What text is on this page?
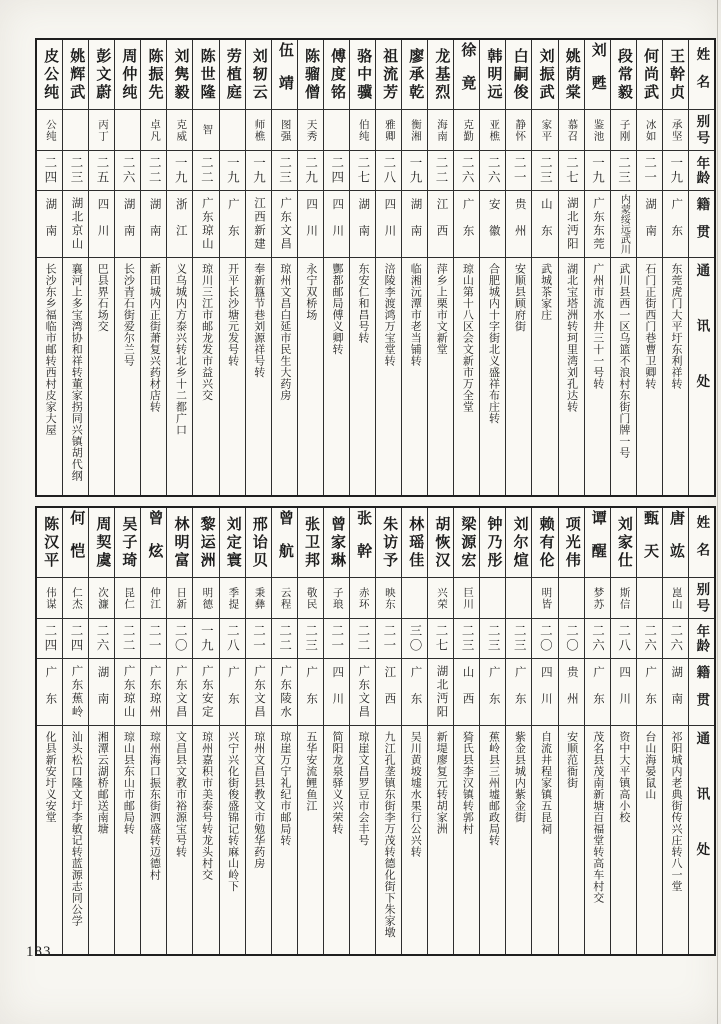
姓名
别号
年龄
籍贯
通讯处
王幹贞
承坚
一九
广东
东莞虎门大平圩东利祥转
何尚武
冰如
二一
湖南
石门正街西门巷曹卫卿转
段常毅
子刚
二三
内蒙绥远武川
武川县西一区乌篮不浪村东街门牌一号
刘甦
鉴池
一九
广东东莞
广州市流水井三十一号转
姚荫棠
慕召
二七
湖北沔阳
湖北宝塔洲转珂里湾刘孔达转
刘振武
家平
二三
山东
武城茶家庄
白嗣俊
静怀
二一
贵州
安顺县顾府街
韩明远
亚樵
二六
安徽
合肥城内十字街北义盛祥布庄转
徐竟
克勤
二六
广东
琼山第十八区会文新市万全堂
龙基烈
海南
二二
江西
萍乡上栗市文新堂
廖承乾
衡湘
一九
湖南
临湘沅潭市老当铺转
祖流芳
雅卿
二八
四川
涪陵李渡鸿万宝堂转
骆中骥
伯纯
二七
湖南
东安仁和昌号转
傅度铭
二四
四川
酆都邮局傅义卿转
陈骝僧
天秀
二九
四川
永宁双桥场
伍靖
图强
二三
广东文昌
琼州文昌白延市民生大药房
刘轫云
师樵
一九
江西新建
奉新簋节巷刘源祥号转
劳植庭
一九
广东
开平长沙塘元发号转
陈世隆
智
二二
广东琼山
琼川三江市邮龙发市益兴交
刘隽毅
克威
一九
浙江
义乌城内方泰兴转北乡十二都广口
陈振先
卓凡
二二
湖南
新田城内正街萧复兴药材店转
周仲纯
二六
湖南
长沙青石街爱尔兰号
彭文蔚
丙丁
二五
四川
巴县界石场交
姚辉武
二三
湖北京山
襄河上多宝湾协和祥转董家拐同兴镇胡代纲
皮公纯
公纯
二四
湖南
长沙东乡福临市邮转西村皮家大屋
姓名
别号
年龄
籍贯
通讯处
唐竑
崑山
二六
湖南
祁阳城内老典街传兴庄转八一堂
甄天
二六
广东
台山海晏鼠山
刘家仕
斯信
二八
四川
资中大平镇高小校
谭醒
梦苏
二六
广东
茂名县茂南新塘百福堂转高车村交
项光伟
二〇
贵州
安顺范衙街
赖有伦
明皆
二〇
四川
自流井程家镇五昆祠
刘尔煊
二三
广东
紫金县城内紫金街
钟乃彤
二三
广东
蕉岭县三州墟邮政局转
梁源宏
巨川
二三
山西
猗氏县李汉镇转郭村
胡恢汉
兴荣
二七
湖北沔阳
新堤廖复元转胡家洲
林瑶佳
三〇
广东
吴川黄坡墟水果行公兴转
朱访予
映东
二一
江西
九江孔垄镇东街李万茂转德化街下朱家墩
张幹
赤环
二二
广东文昌
琼崖文昌罗豆市会丰号
曾家琳
子琅
二一
四川
简阳龙泉驿义兴荣转
张卫邦
敬民
二三
广东
五华安流鲤鱼江
曾航
云程
二二
广东陵水
琼崖万宁礼纪市邮局转
邢诒贝
秉彝
二一
广东文昌
琼州文昌县教文市勉华药房
刘定寰
季提
二八
广东
兴宁兴化街俊盛锦记转麻山岭下
黎运洲
明德
一九
广东安定
琼州嘉积市美泰号转龙头村交
林明富
日新
二〇
广东文昌
文昌县文教市裕源宝号转
曾炫
仲江
二一
广东琼州
琼州海口振东街泗盛转迈德村
吴子琦
昆仁
二二
广东琼山
琼山县东山市邮局转
周契虞
次濂
二六
湖南
湘潭云湖桥邮送南塘
何恺
仁杰
二四
广东蕉岭
汕头松口隆文圩李敏记转蓝源志同公学
陈汉平
伟谋
二四
广东
化县新安圩义安堂
183
